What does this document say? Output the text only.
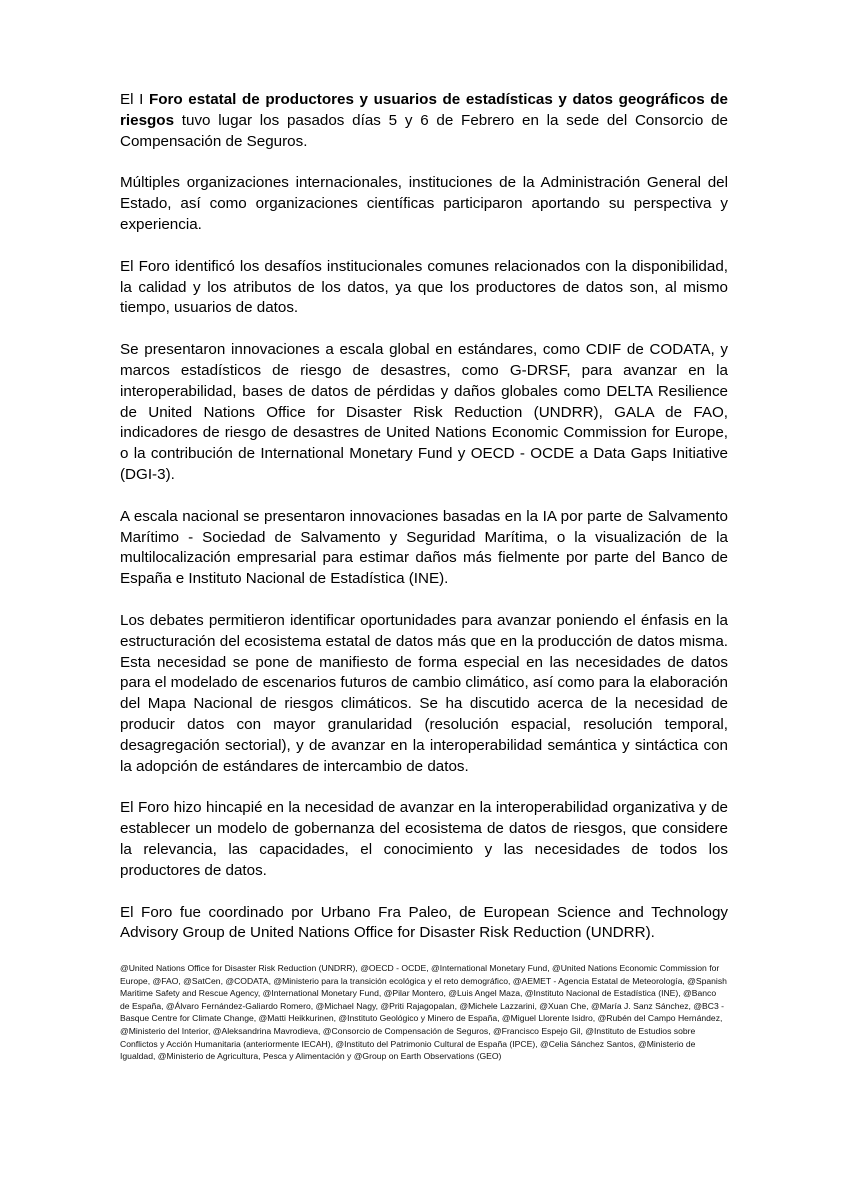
El I Foro estatal de productores y usuarios de estadísticas y datos geográficos de riesgos tuvo lugar los pasados días 5 y 6 de Febrero en la sede del Consorcio de Compensación de Seguros.

Múltiples organizaciones internacionales, instituciones de la Administración General del Estado, así como organizaciones científicas participaron aportando su perspectiva y experiencia.

El Foro identificó los desafíos institucionales comunes relacionados con la disponibilidad, la calidad y los atributos de los datos, ya que los productores de datos son, al mismo tiempo, usuarios de datos.

Se presentaron innovaciones a escala global en estándares, como CDIF de CODATA, y marcos estadísticos de riesgo de desastres, como G-DRSF, para avanzar en la interoperabilidad, bases de datos de pérdidas y daños globales como DELTA Resilience de United Nations Office for Disaster Risk Reduction (UNDRR), GALA de FAO, indicadores de riesgo de desastres de United Nations Economic Commission for Europe, o la contribución de International Monetary Fund y OECD - OCDE a Data Gaps Initiative (DGI-3).

A escala nacional se presentaron innovaciones basadas en la IA por parte de Salvamento Marítimo - Sociedad de Salvamento y Seguridad Marítima, o la visualización de la multilocalización empresarial para estimar daños más fielmente por parte del Banco de España e Instituto Nacional de Estadística (INE).

Los debates permitieron identificar oportunidades para avanzar poniendo el énfasis en la estructuración del ecosistema estatal de datos más que en la producción de datos misma. Esta necesidad se pone de manifiesto de forma especial en las necesidades de datos para el modelado de escenarios futuros de cambio climático, así como para la elaboración del Mapa Nacional de riesgos climáticos. Se ha discutido acerca de la necesidad de producir datos con mayor granularidad (resolución espacial, resolución temporal, desagregación sectorial), y de avanzar en la interoperabilidad semántica y sintáctica con la adopción de estándares de intercambio de datos.

El Foro hizo hincapié en la necesidad de avanzar en la interoperabilidad organizativa y de establecer un modelo de gobernanza del ecosistema de datos de riesgos, que considere la relevancia, las capacidades, el conocimiento y las necesidades de todos los productores de datos.

El Foro fue coordinado por Urbano Fra Paleo, de European Science and Technology Advisory Group de United Nations Office for Disaster Risk Reduction (UNDRR).

@United Nations Office for Disaster Risk Reduction (UNDRR), @OECD - OCDE, @International Monetary Fund, @United Nations Economic Commission for Europe, @FAO, @SatCen, @CODATA, @Ministerio para la transición ecológica y el reto demográfico, @AEMET - Agencia Estatal de Meteorología, @Spanish Maritime Safety and Rescue Agency, @International Monetary Fund, @Pilar Montero, @Luis Angel Maza, @Instituto Nacional de Estadística (INE), @Banco de España, @Álvaro Fernández-Galiardo Romero, @Michael Nagy, @Priti Rajagopalan, @Michele Lazzarini, @Xuan Che, @María J. Sanz Sánchez, @BC3 - Basque Centre for Climate Change, @Matti Heikkurinen, @Instituto Geológico y Minero de España, @Miguel Llorente Isidro, @Rubén del Campo Hernández, @Ministerio del Interior, @Aleksandrina Mavrodieva, @Consorcio de Compensación de Seguros, @Francisco Espejo Gil, @Instituto de Estudios sobre Conflictos y Acción Humanitaria (anteriormente IECAH), @Instituto del Patrimonio Cultural de España (IPCE), @Celia Sánchez Santos, @Ministerio de Igualdad, @Ministerio de Agricultura, Pesca y Alimentación y @Group on Earth Observations (GEO)
